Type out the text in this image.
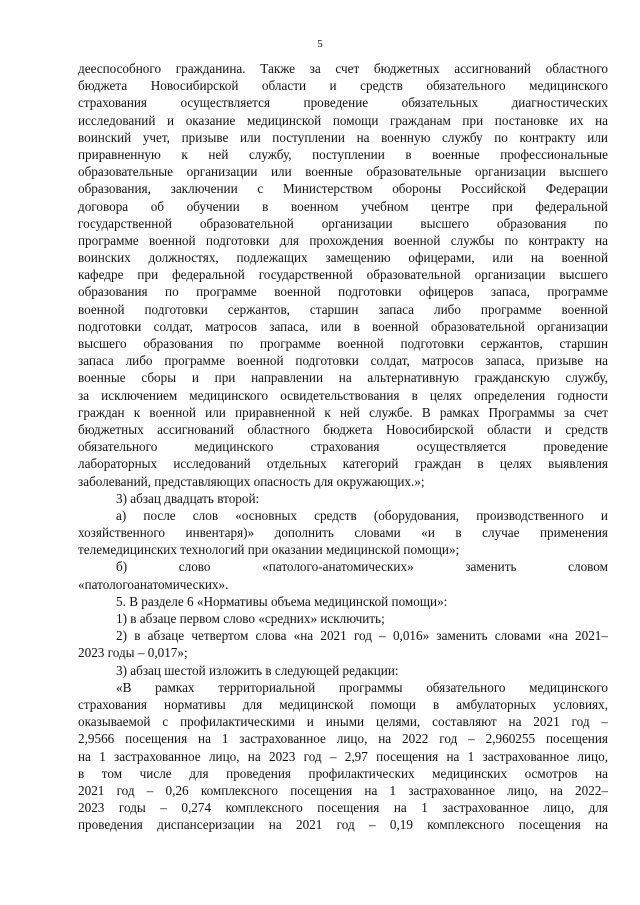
5
дееспособного гражданина. Также за счет бюджетных ассигнований областного
бюджета Новосибирской области и средств обязательного медицинского
страхования осуществляется проведение обязательных диагностических
исследований и оказание медицинской помощи гражданам при постановке их на
воинский учет, призыве или поступлении на военную службу по контракту или
приравненную к ней службу, поступлении в военные профессиональные
образовательные организации или военные образовательные организации высшего
образования, заключении с Министерством обороны Российской Федерации
договора об обучении в военном учебном центре при федеральной
государственной образовательной организации высшего образования по
программе военной подготовки для прохождения военной службы по контракту на
воинских должностях, подлежащих замещению офицерами, или на военной
кафедре при федеральной государственной образовательной организации высшего
образования по программе военной подготовки офицеров запаса, программе
военной подготовки сержантов, старшин запаса либо программе военной
подготовки солдат, матросов запаса, или в военной образовательной организации
высшего образования по программе военной подготовки сержантов, старшин
запаса либо программе военной подготовки солдат, матросов запаса, призыве на
военные сборы и при направлении на альтернативную гражданскую службу,
за исключением медицинского освидетельствования в целях определения годности
граждан к военной или приравненной к ней службе. В рамках Программы за счет
бюджетных ассигнований областного бюджета Новосибирской области и средств
обязательного медицинского страхования осуществляется проведение
лабораторных исследований отдельных категорий граждан в целях выявления
заболеваний, представляющих опасность для окружающих.»;
3) абзац двадцать второй:
а) после слов «основных средств (оборудования, производственного и
хозяйственного инвентаря)» дополнить словами «и в случае применения
телемедицинских технологий при оказании медицинской помощи»;
б) слово «патолого-анатомических» заменить словом
«патологоанатомических».
5. В разделе 6 «Нормативы объема медицинской помощи»:
1) в абзаце первом слово «средних» исключить;
2) в абзаце четвертом слова «на 2021 год – 0,016» заменить словами «на 2021–
2023 годы – 0,017»;
3) абзац шестой изложить в следующей редакции:
«В рамках территориальной программы обязательного медицинского
страхования нормативы для медицинской помощи в амбулаторных условиях,
оказываемой с профилактическими и иными целями, составляют на 2021 год –
2,9566 посещения на 1 застрахованное лицо, на 2022 год – 2,960255 посещения
на 1 застрахованное лицо, на 2023 год – 2,97 посещения на 1 застрахованное лицо,
в том числе для проведения профилактических медицинских осмотров на
2021 год – 0,26 комплексного посещения на 1 застрахованное лицо, на 2022–
2023 годы – 0,274 комплексного посещения на 1 застрахованное лицо, для
проведения диспансеризации на 2021 год – 0,19 комплексного посещения на
